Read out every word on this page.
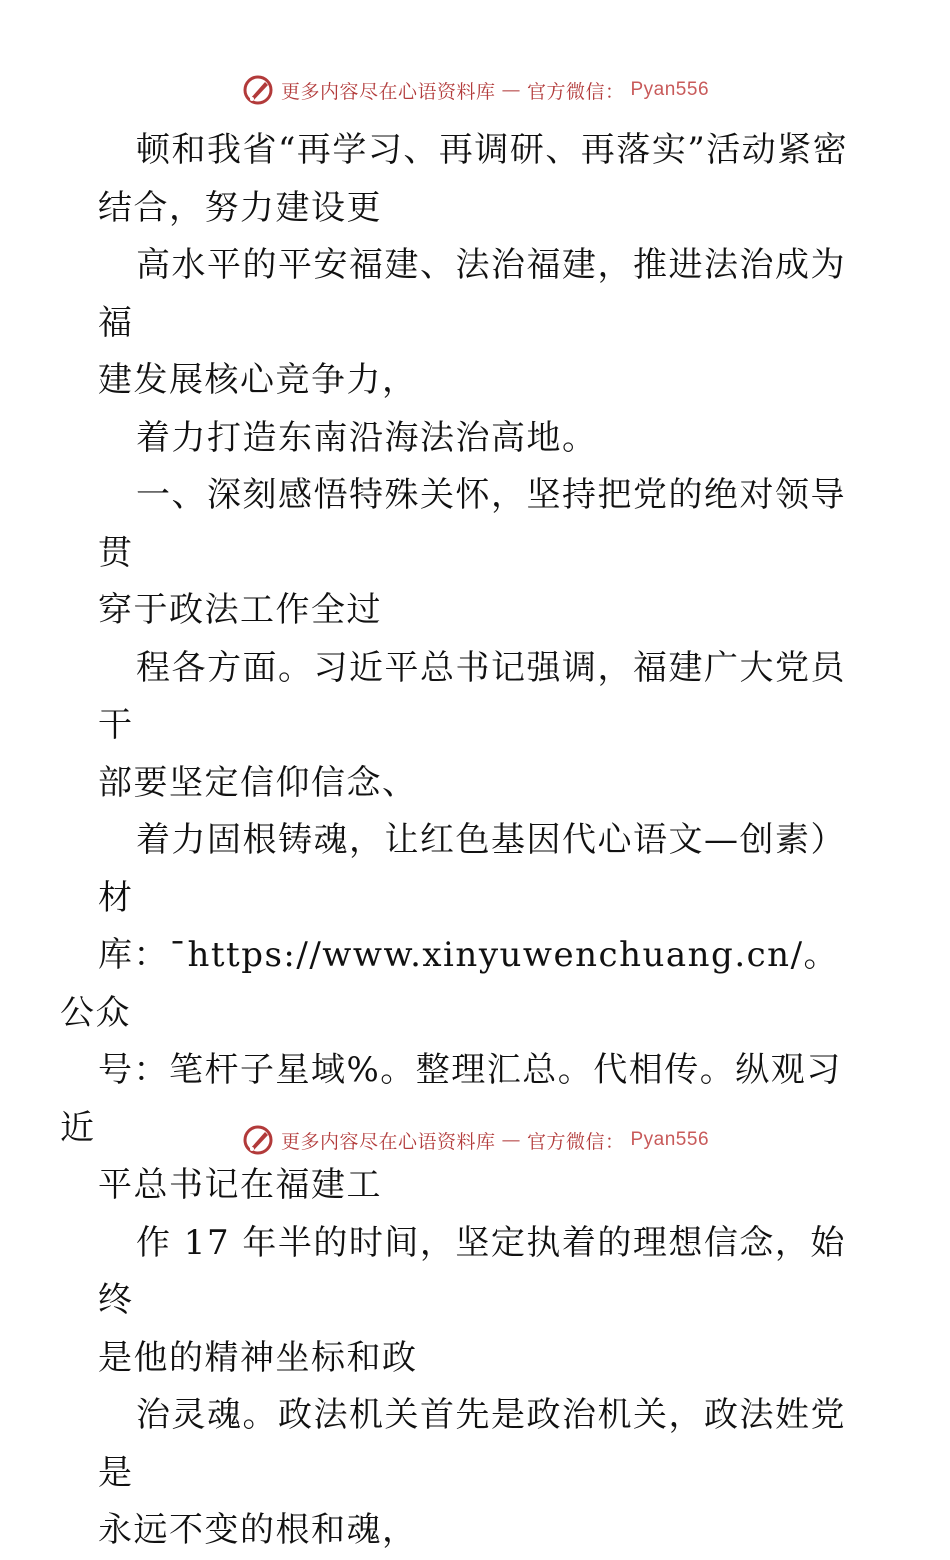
更多内容尽在心语资料库 — 官方微信： Pyan556

顿和我省“再学习、再调研、再落实”活动紧密
结合，努力建设更

高水平的平安福建、法治福建，推进法治成为福
建发展核心竞争力，

着力打造东南沿海法治高地。

一、深刻感悟特殊关怀，坚持把党的绝对领导贯
穿于政法工作全过

程各方面。习近平总书记强调，福建广大党员干
部要坚定信仰信念、

着力固根铸魂，让红色基因代心语文—创素）材
库：¯https://www.xinyuwenchuang.cn/。公众
号：笔杆子星域%。整理汇总。代相传。纵观习近
平总书记在福建工

作 17 年半的时间，坚定执着的理想信念，始终
是他的精神坐标和政

治灵魂。政法机关首先是政治机关，政法姓党是
永远不变的根和魂，

更多内容尽在心语资料库 — 官方微信： Pyan556
